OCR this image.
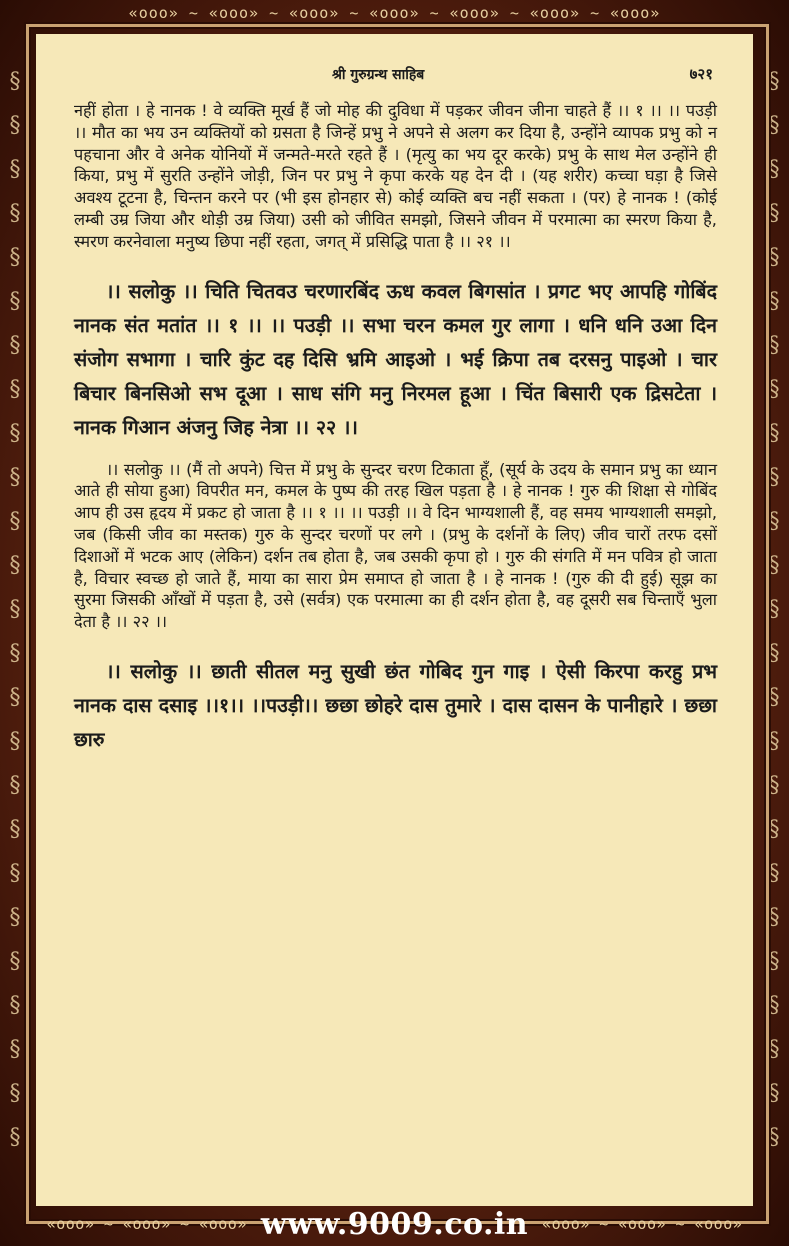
«ooo» ~ «ooo» ~ «ooo» ~ «ooo» ~ «ooo» ~ «ooo» ~ «ooo»
§ § § § § § § § § § § § § § § § § § § § § § § § §
§ § § § § § § § § § § § § § § § § § § § § § § § §
श्री गुरुग्रन्थ साहिब	७२१

नहीं होता । हे नानक ! वे व्यक्ति मूर्ख हैं जो मोह की दुविधा में पड़कर जीवन जीना चाहते हैं ।। १ ।। ।। पउड़ी ।। मौत का भय उन व्यक्तियों को ग्रसता है जिन्हें प्रभु ने अपने से अलग कर दिया है, उन्होंने व्यापक प्रभु को न पहचाना और वे अनेक योनियों में जन्मते-मरते रहते हैं । (मृत्यु का भय दूर करके) प्रभु के साथ मेल उन्होंने ही किया, प्रभु में सुरति उन्होंने जोड़ी, जिन पर प्रभु ने कृपा करके यह देन दी । (यह शरीर) कच्चा घड़ा है जिसे अवश्य टूटना है, चिन्तन करने पर (भी इस होनहार से) कोई व्यक्ति बच नहीं सकता । (पर) हे नानक ! (कोई लम्बी उम्र जिया और थोड़ी उम्र जिया) उसी को जीवित समझो, जिसने जीवन में परमात्मा का स्मरण किया है, स्मरण करनेवाला मनुष्य छिपा नहीं रहता, जगत् में प्रसिद्धि पाता है ।। २१ ।।

।। सलोकु ।। चिति चितवउ चरणारबिंद ऊध कवल बिगसांत । प्रगट भए आपहि गोबिंद नानक संत मतांत ।। १ ।। ।। पउड़ी ।। सभा चरन कमल गुर लागा । धनि धनि उआ दिन संजोग सभागा । चारि कुंट दह दिसि भ्रमि आइओ । भई क्रिपा तब दरसनु पाइओ । चार बिचार बिनसिओ सभ दूआ । साध संगि मनु निरमल हूआ । चिंत बिसारी एक द्रिसटेता । नानक गिआन अंजनु जिह नेत्रा ।। २२ ।।

।। सलोकु ।। (मैं तो अपने) चित्त में प्रभु के सुन्दर चरण टिकाता हूँ, (सूर्य के उदय के समान प्रभु का ध्यान आते ही सोया हुआ) विपरीत मन, कमल के पुष्प की तरह खिल पड़ता है । हे नानक ! गुरु की शिक्षा से गोबिंद आप ही उस हृदय में प्रकट हो जाता है ।। १ ।। ।। पउड़ी ।। वे दिन भाग्यशाली हैं, वह समय भाग्यशाली समझो, जब (किसी जीव का मस्तक) गुरु के सुन्दर चरणों पर लगे । (प्रभु के दर्शनों के लिए) जीव चारों तरफ दसों दिशाओं में भटक आए (लेकिन) दर्शन तब होता है, जब उसकी कृपा हो । गुरु की संगति में मन पवित्र हो जाता है, विचार स्वच्छ हो जाते हैं, माया का सारा प्रेम समाप्त हो जाता है । हे नानक ! (गुरु की दी हुई) सूझ का सुरमा जिसकी आँखों में पड़ता है, उसे (सर्वत्र) एक परमात्मा का ही दर्शन होता है, वह दूसरी सब चिन्ताएँ भुला देता है ।। २२ ।।

।। सलोकु ।। छाती सीतल मनु सुखी छंत गोबिद गुन गाइ । ऐसी किरपा करहु प्रभ नानक दास दसाइ ।।१।। ।।पउड़ी।। छछा छोहरे दास तुमारे । दास दासन के पानीहारे । छछा छारु

«ooo» ~ «ooo» ~ «ooo» www.9009.co.in «ooo» ~ «ooo» ~ «ooo»
